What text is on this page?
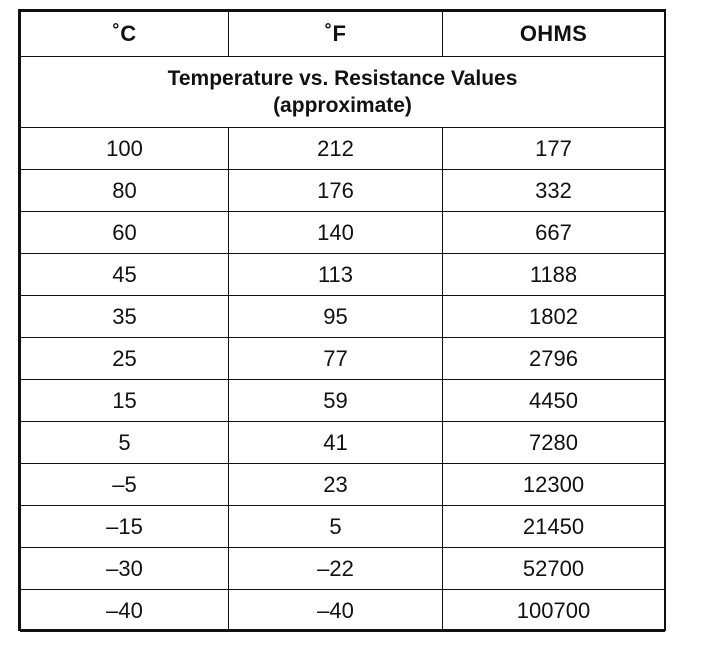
˚C	˚F	OHMS

Temperature vs. Resistance Values
(approximate)		

100	212	177
80	176	332
60	140	667
45	113	1188
35	95	1802
25	77	2796
15	59	4450
5	41	7280
–5	23	12300
–15	5	21450
–30	–22	52700
–40	–40	100700
